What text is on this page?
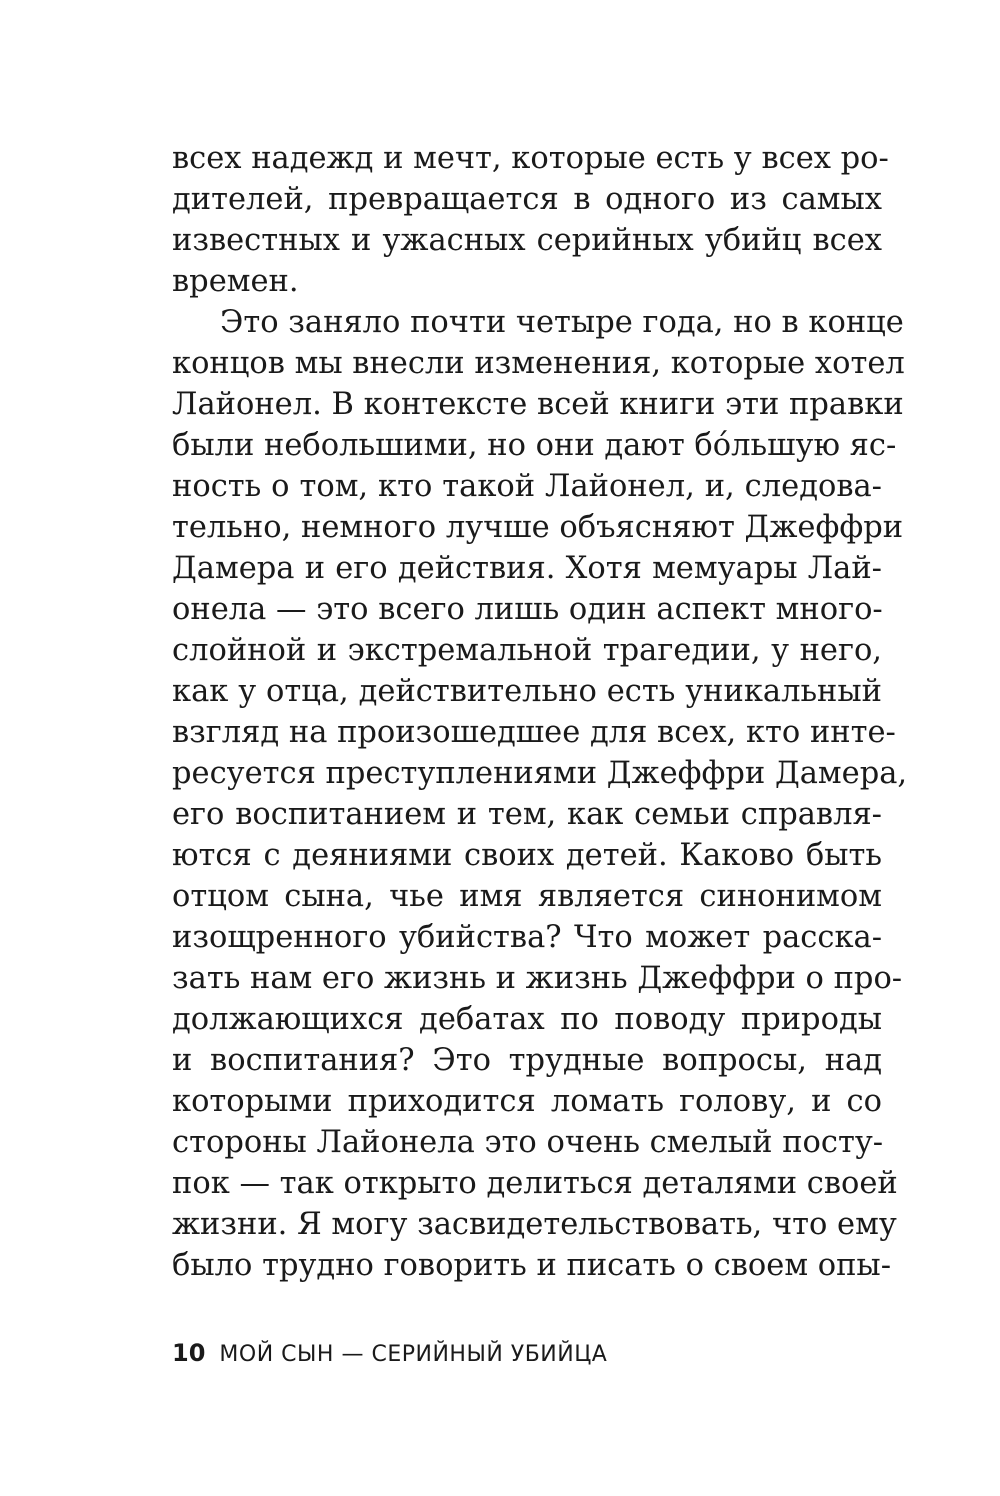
всех надежд и мечт, которые есть у всех ро-
дителей, превращается в одного из самых
известных и ужасных серийных убийц всех
времен.
Это заняло почти четыре года, но в конце
концов мы внесли изменения, которые хотел
Лайонел. В контексте всей книги эти правки
были небольшими, но они дают бóльшую яс-
ность о том, кто такой Лайонел, и, следова-
тельно, немного лучше объясняют Джеффри
Дамера и его действия. Хотя мемуары Лай-
онела — это всего лишь один аспект много-
слойной и экстремальной трагедии, у него,
как у отца, действительно есть уникальный
взгляд на произошедшее для всех, кто инте-
ресуется преступлениями Джеффри Дамера,
его воспитанием и тем, как семьи справля-
ются с деяниями своих детей. Каково быть
отцом сына, чье имя является синонимом
изощренного убийства? Что может расска-
зать нам его жизнь и жизнь Джеффри о про-
должающихся дебатах по поводу природы
и воспитания? Это трудные вопросы, над
которыми приходится ломать голову, и со
стороны Лайонела это очень смелый посту-
пок — так открыто делиться деталями своей
жизни. Я могу засвидетельствовать, что ему
было трудно говорить и писать о своем опы-
10 МОЙ СЫН — СЕРИЙНЫЙ УБИЙЦА
